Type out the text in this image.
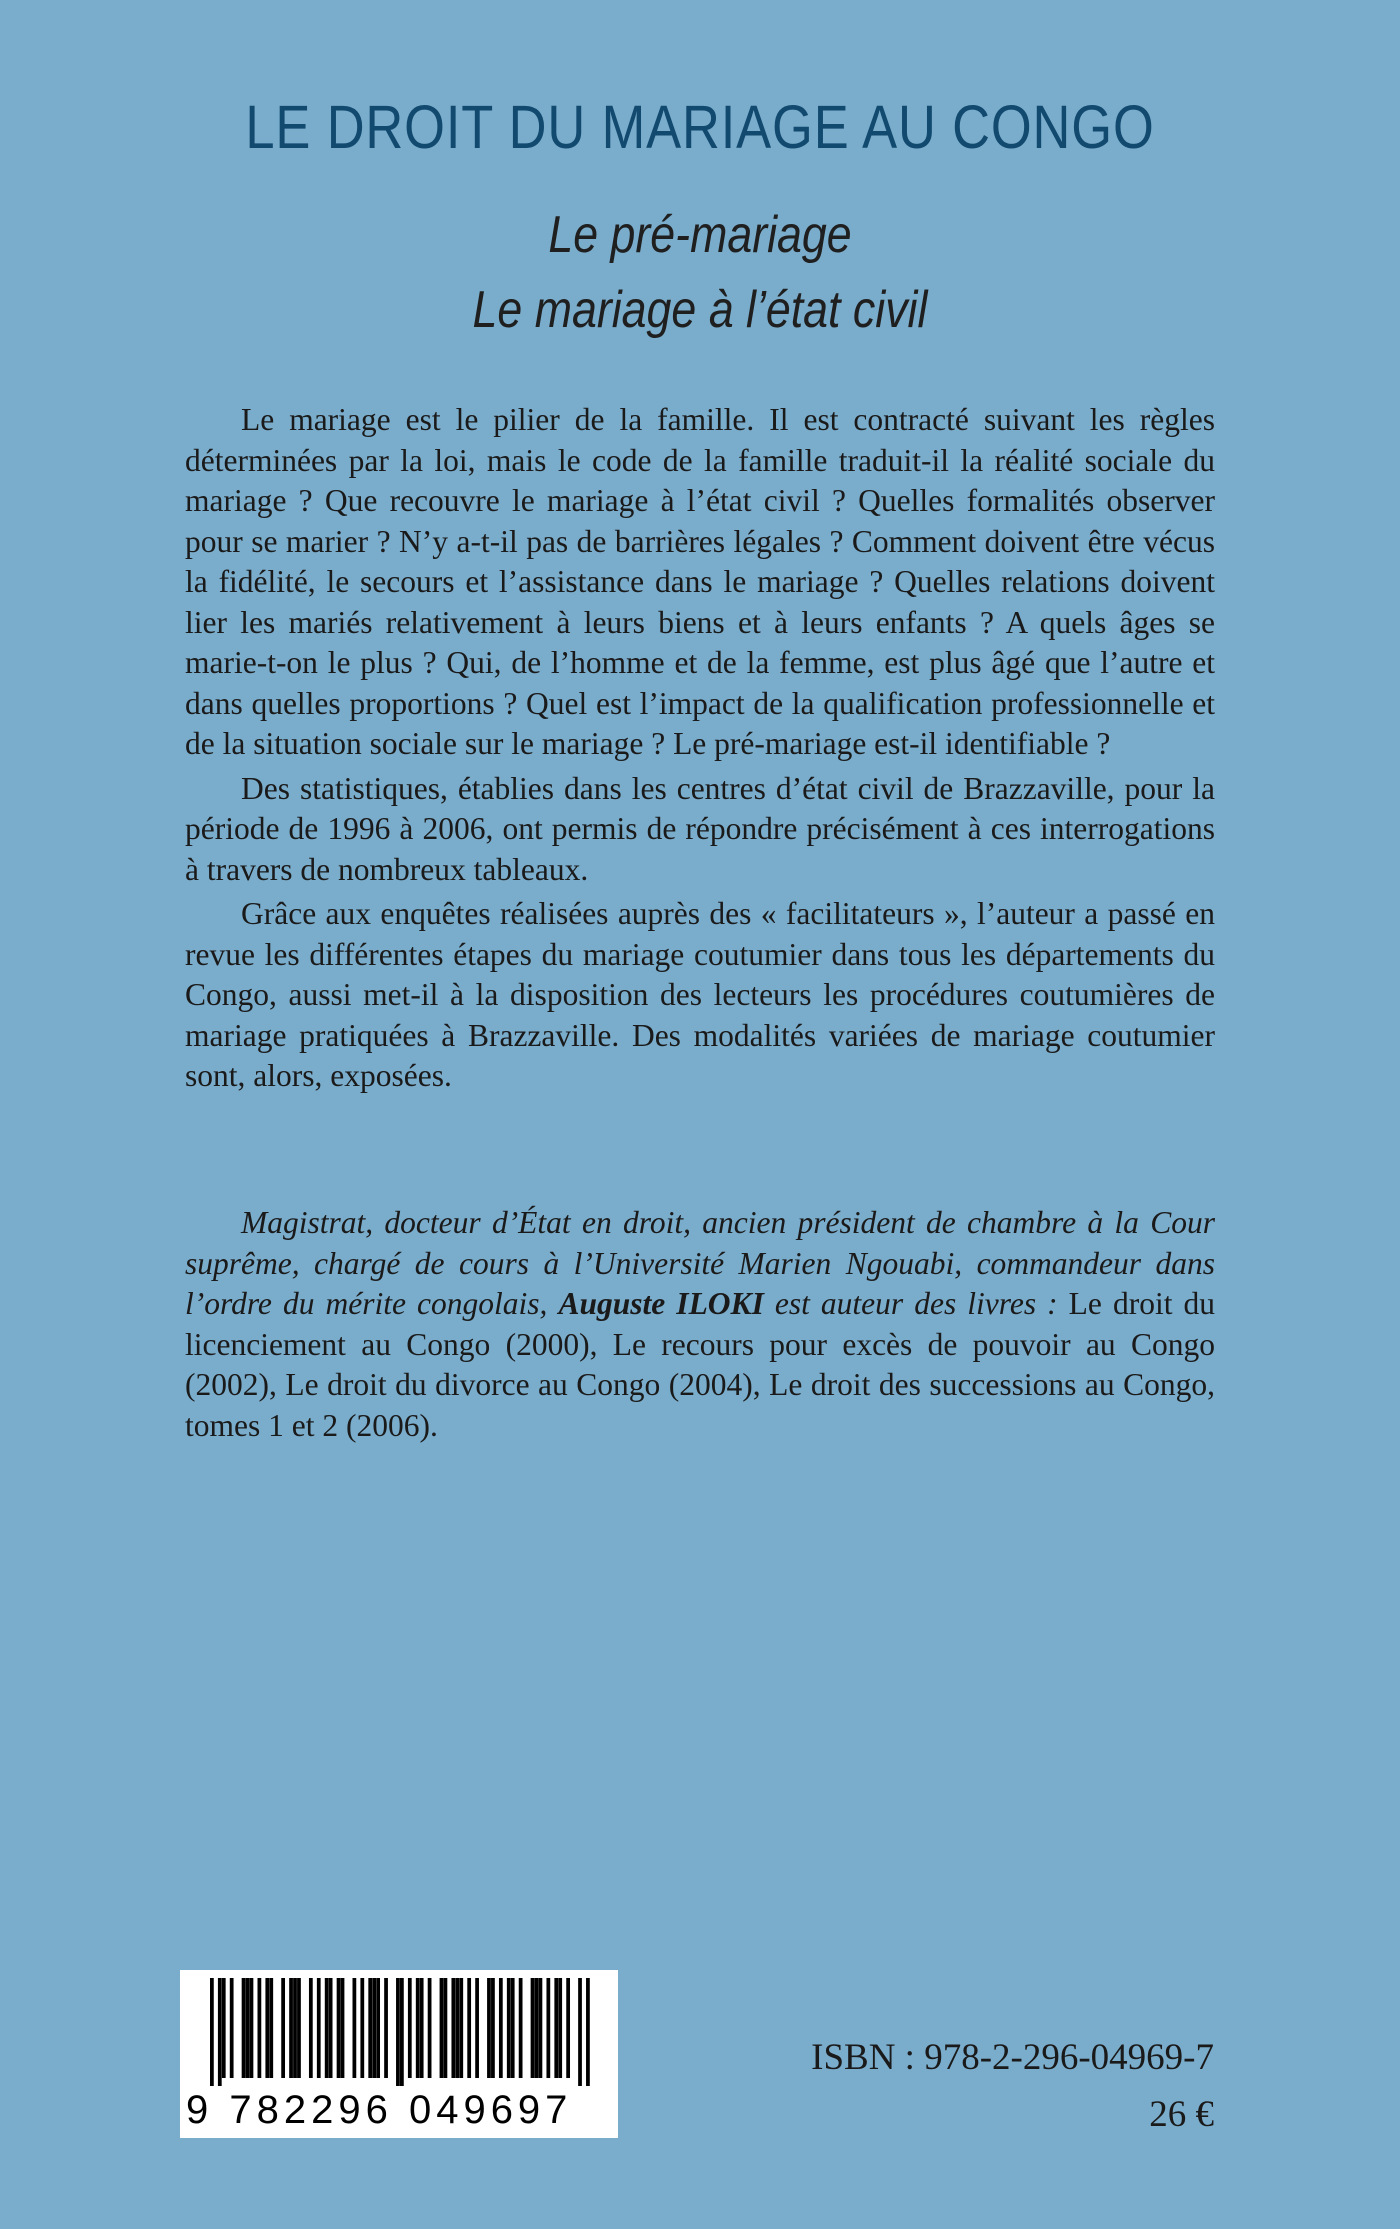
LE DROIT DU MARIAGE AU CONGO
Le pré-mariage
Le mariage à l’état civil

Le mariage est le pilier de la famille. Il est contracté suivant les règles déterminées par la loi, mais le code de la famille traduit-il la réalité sociale du mariage ? Que recouvre le mariage à l’état civil ? Quelles formalités observer pour se marier ? N’y a-t-il pas de barrières légales ? Comment doivent être vécus la fidélité, le secours et l’assistance dans le mariage ? Quelles relations doivent lier les mariés relativement à leurs biens et à leurs enfants ? A quels âges se marie-t-on le plus ? Qui, de l’homme et de la femme, est plus âgé que l’autre et dans quelles proportions ? Quel est l’impact de la qualification professionnelle et de la situation sociale sur le mariage ? Le pré-mariage est-il identifiable ?

Des statistiques, établies dans les centres d’état civil de Brazzaville, pour la période de 1996 à 2006, ont permis de répondre précisément à ces interrogations à travers de nombreux tableaux.

Grâce aux enquêtes réalisées auprès des « facilitateurs », l’auteur a passé en revue les différentes étapes du mariage coutumier dans tous les départements du Congo, aussi met-il à la disposition des lecteurs les procédures coutumières de mariage pratiquées à Brazzaville. Des modalités variées de mariage coutumier sont, alors, exposées.

Magistrat, docteur d’État en droit, ancien président de chambre à la Cour suprême, chargé de cours à l’Université Marien Ngouabi, commandeur dans l’ordre du mérite congolais, Auguste ILOKI est auteur des livres : Le droit du licenciement au Congo (2000), Le recours pour excès de pouvoir au Congo (2002), Le droit du divorce au Congo (2004), Le droit des successions au Congo, tomes 1 et 2 (2006).

9 782296 049697
ISBN : 978-2-296-04969-7
26 €
